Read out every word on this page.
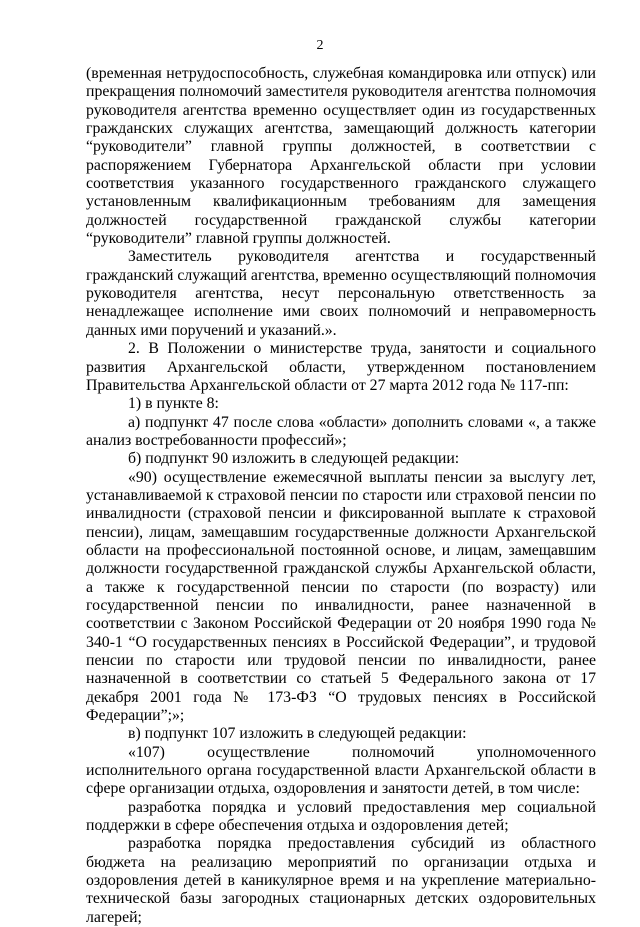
2

(временная нетрудоспособность, служебная командировка или отпуск) или прекращения полномочий заместителя руководителя агентства полномочия руководителя агентства временно осуществляет один из государственных гражданских служащих агентства, замещающий должность категории “руководители” главной группы должностей, в соответствии с распоряжением Губернатора Архангельской области при условии соответствия указанного государственного гражданского служащего установленным квалификационным требованиям для замещения должностей государственной гражданской службы категории “руководители” главной группы должностей.

Заместитель руководителя агентства и государственный гражданский служащий агентства, временно осуществляющий полномочия руководителя агентства, несут персональную ответственность за ненадлежащее исполнение ими своих полномочий и неправомерность данных ими поручений и указаний.».

2. В Положении о министерстве труда, занятости и социального развития Архангельской области, утвержденном постановлением Правительства Архангельской области от 27 марта 2012 года № 117-пп:

1) в пункте 8:

а) подпункт 47 после слова «области» дополнить словами «, а также анализ востребованности профессий»;

б) подпункт 90 изложить в следующей редакции:

«90) осуществление ежемесячной выплаты пенсии за выслугу лет, устанавливаемой к страховой пенсии по старости или страховой пенсии по инвалидности (страховой пенсии и фиксированной выплате к страховой пенсии), лицам, замещавшим государственные должности Архангельской области на профессиональной постоянной основе, и лицам, замещавшим должности государственной гражданской службы Архангельской области, а также к государственной пенсии по старости (по возрасту) или государственной пенсии по инвалидности, ранее назначенной в соответствии с Законом Российской Федерации от 20 ноября 1990 года № 340-1 “О государственных пенсиях в Российской Федерации”, и трудовой пенсии по старости или трудовой пенсии по инвалидности, ранее назначенной в соответствии со статьей 5 Федерального закона от 17 декабря 2001 года № 173-ФЗ “О трудовых пенсиях в Российской Федерации”;»;

в) подпункт 107 изложить в следующей редакции:

«107) осуществление полномочий уполномоченного исполнительного органа государственной власти Архангельской области в сфере организации отдыха, оздоровления и занятости детей, в том числе:

разработка порядка и условий предоставления мер социальной поддержки в сфере обеспечения отдыха и оздоровления детей;

разработка порядка предоставления субсидий из областного бюджета на реализацию мероприятий по организации отдыха и оздоровления детей в каникулярное время и на укрепление материально-технической базы загородных стационарных детских оздоровительных лагерей;
